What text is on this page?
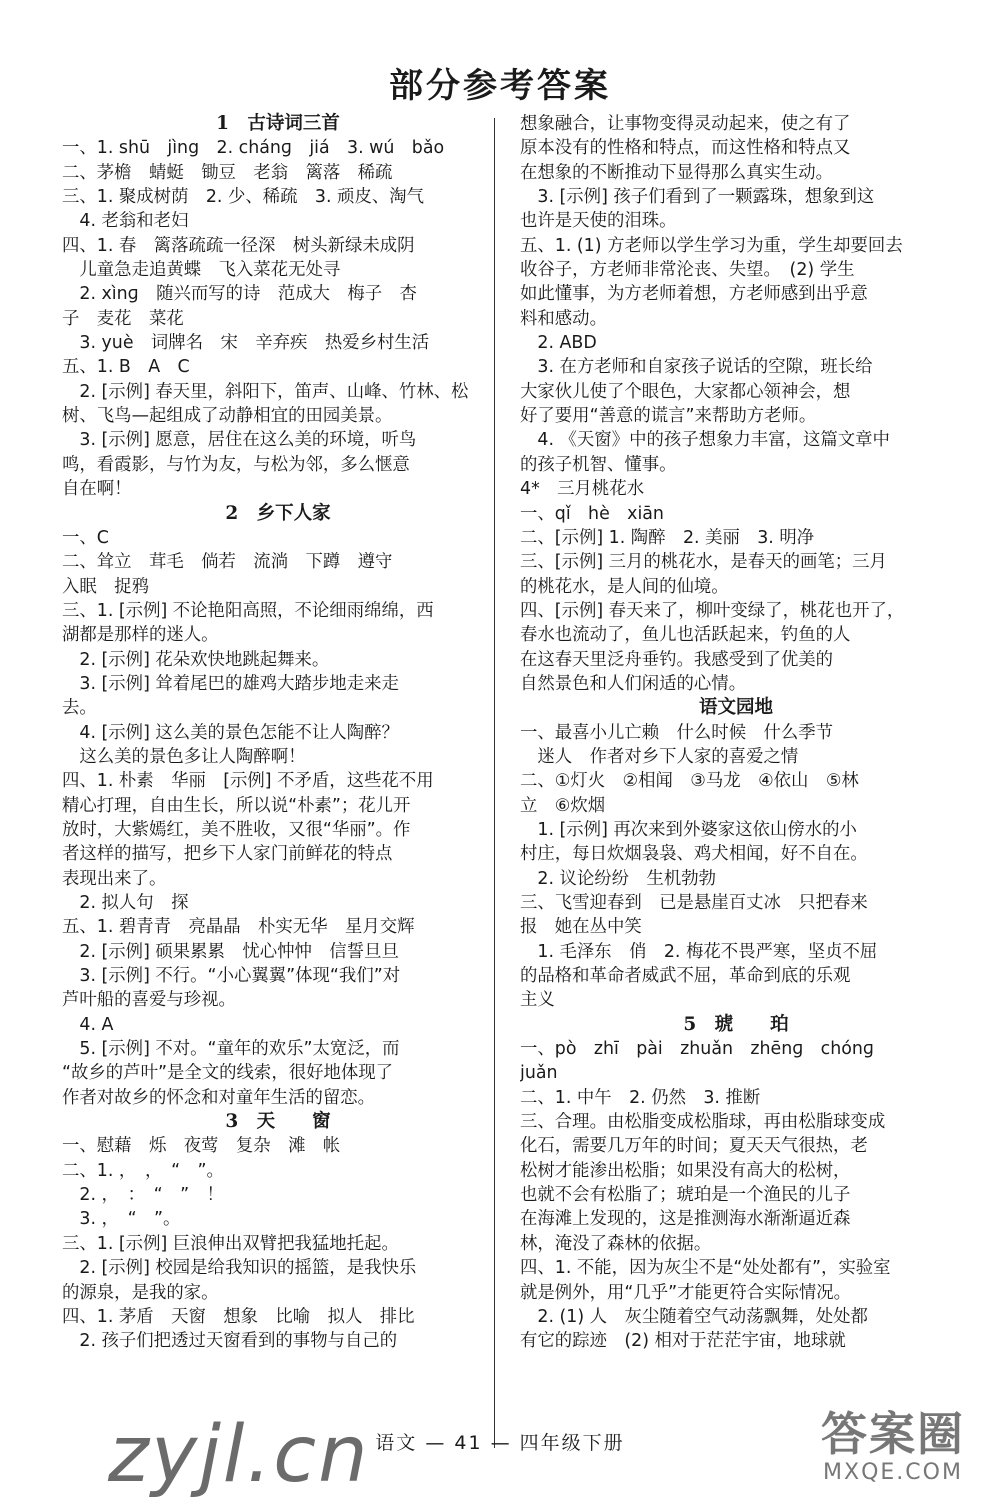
部分参考答案
1　古诗词三首
一、1. shū　jìng　2. chánɡ　jiá　3. wú　bǎo
二、茅檐　蜻蜓　锄豆　老翁　篱落　稀疏
三、1. 聚成树荫　2. 少、稀疏　3. 顽皮、淘气
　4. 老翁和老妇
四、1. 春　篱落疏疏一径深　树头新绿未成阴
　儿童急走追黄蝶　飞入菜花无处寻
　2. xìnɡ　随兴而写的诗　范成大　梅子　杏
子　麦花　菜花
　3. yuè　词牌名　宋　辛弃疾　热爱乡村生活
五、1. B　A　C
　2. [示例] 春天里，斜阳下，笛声、山峰、竹林、松
树、飞鸟—起组成了动静相宜的田园美景。
　3. [示例] 愿意，居住在这么美的环境，听鸟
鸣，看霞影，与竹为友，与松为邻，多么惬意
自在啊！
2　乡下人家
一、C
二、耸立　茸毛　倘若　流淌　下蹲　遵守
入眠　捉鸦
三、1. [示例] 不论艳阳高照，不论细雨绵绵，西
湖都是那样的迷人。
　2. [示例] 花朵欢快地跳起舞来。
　3. [示例] 耸着尾巴的雄鸡大踏步地走来走
去。
　4. [示例] 这么美的景色怎能不让人陶醉？
　这么美的景色多让人陶醉啊！
四、1. 朴素　华丽　[示例] 不矛盾，这些花不用
精心打理，自由生长，所以说“朴素”；花儿开
放时，大紫嫣红，美不胜收，又很“华丽”。作
者这样的描写，把乡下人家门前鲜花的特点
表现出来了。
　2. 拟人句　探
五、1. 碧青青　亮晶晶　朴实无华　星月交辉
　2. [示例] 硕果累累　忧心忡忡　信誓旦旦
　3. [示例] 不行。“小心翼翼”体现“我们”对
芦叶船的喜爱与珍视。
　4. A
　5. [示例] 不对。“童年的欢乐”太宽泛，而
“故乡的芦叶”是全文的线索，很好地体现了
作者对故乡的怀念和对童年生活的留恋。
3　天　　窗
一、慰藉　烁　夜莺　复杂　滩　帐
二、1. ，　，　“　”。
　2. ，　：　“　”　！
　3. ，　“　”。
三、1. [示例] 巨浪伸出双臂把我猛地托起。
　2. [示例] 校园是给我知识的摇篮，是我快乐
的源泉，是我的家。
四、1. 茅盾　天窗　想象　比喻　拟人　排比
　2. 孩子们把透过天窗看到的事物与自己的
想象融合，让事物变得灵动起来，使之有了
原本没有的性格和特点，而这性格和特点又
在想象的不断推动下显得那么真实生动。
　3. [示例] 孩子们看到了一颗露珠，想象到这
也许是天使的泪珠。
五、1. (1) 方老师以学生学习为重，学生却要回去
收谷子，方老师非常沦丧、失望。　(2) 学生
如此懂事，为方老师着想，方老师感到出乎意
料和感动。
　2. ABD
　3. 在方老师和自家孩子说话的空隙，班长给
大家伙儿使了个眼色，大家都心领神会，想
好了要用“善意的谎言”来帮助方老师。
　4. 《天窗》中的孩子想象力丰富，这篇文章中
的孩子机智、懂事。
4*　三月桃花水
一、qǐ　hè　xiān
二、[示例] 1. 陶醉　2. 美丽　3. 明净
三、[示例] 三月的桃花水，是春天的画笔；三月
的桃花水，是人间的仙境。
四、[示例] 春天来了，柳叶变绿了，桃花也开了，
春水也流动了，鱼儿也活跃起来，钓鱼的人
在这春天里泛舟垂钓。我感受到了优美的
自然景色和人们闲适的心情。
语文园地
一、最喜小儿亡赖　什么时候　什么季节
　迷人　作者对乡下人家的喜爱之情
二、①灯火　②相闻　③马龙　④依山　⑤林
立　⑥炊烟
　1. [示例] 再次来到外婆家这依山傍水的小
村庄，每日炊烟袅袅、鸡犬相闻，好不自在。
　2. 议论纷纷　生机勃勃
三、飞雪迎春到　已是悬崖百丈冰　只把春来
报　她在丛中笑
　1. 毛泽东　俏　2. 梅花不畏严寒，坚贞不屈
的品格和革命者威武不屈，革命到底的乐观
主义
5　琥　　珀
一、pò　zhī　pài　zhuǎn　zhēnɡ　chónɡ
juǎn
二、1. 中午　2. 仍然　3. 推断
三、合理。由松脂变成松脂球，再由松脂球变成
化石，需要几万年的时间；夏天天气很热，老
松树才能渗出松脂；如果没有高大的松树，
也就不会有松脂了；琥珀是一个渔民的儿子
在海滩上发现的，这是推测海水渐渐逼近森
林，淹没了森林的依据。
四、1. 不能，因为灰尘不是“处处都有”，实验室
就是例外，用“几乎”才能更符合实际情况。
　2. (1) 人　灰尘随着空气动荡飘舞，处处都
有它的踪迹　(2) 相对于茫茫宇宙，地球就
zyjl.cn 语文 — 41 — 四年级下册	答案圈
MXQE.COM
